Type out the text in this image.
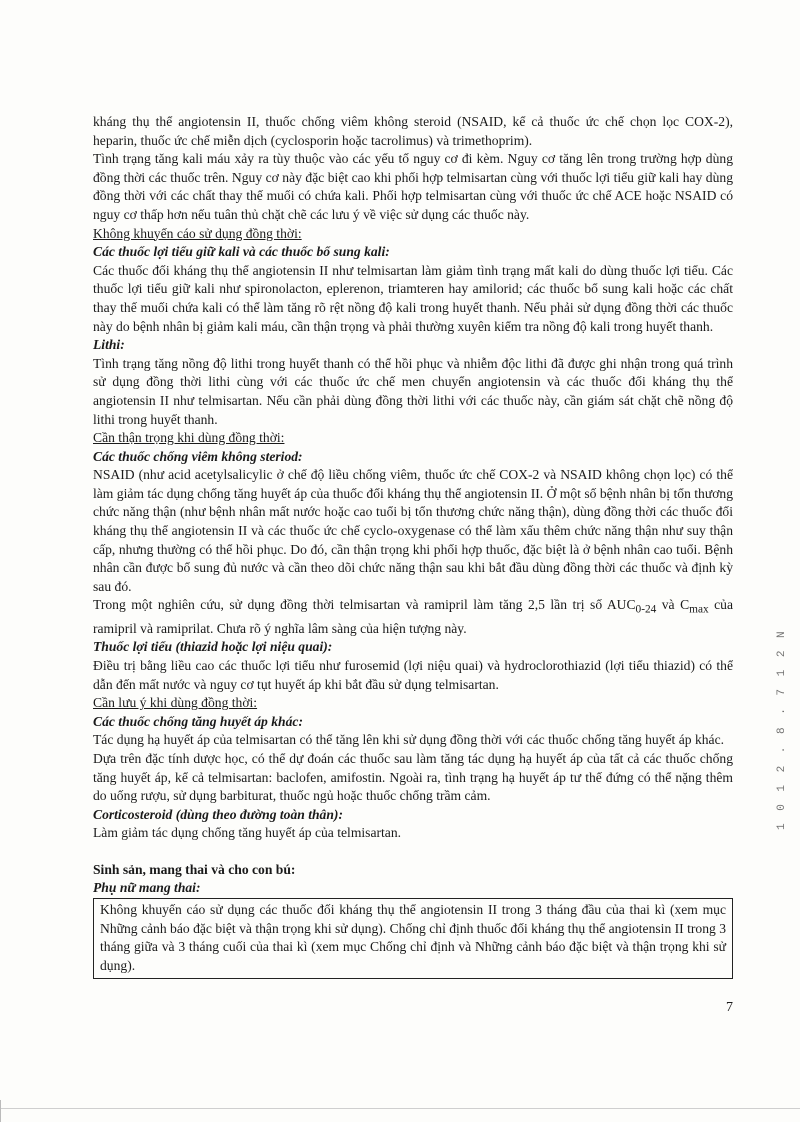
kháng thụ thể angiotensin II, thuốc chống viêm không steroid (NSAID, kể cả thuốc ức chế chọn lọc COX-2), heparin, thuốc ức chế miễn dịch (cyclosporin hoặc tacrolimus) và trimethoprim).

Tình trạng tăng kali máu xảy ra tùy thuộc vào các yếu tố nguy cơ đi kèm. Nguy cơ tăng lên trong trường hợp dùng đồng thời các thuốc trên. Nguy cơ này đặc biệt cao khi phối hợp telmisartan cùng với thuốc lợi tiểu giữ kali hay dùng đồng thời với các chất thay thế muối có chứa kali. Phối hợp telmisartan cùng với thuốc ức chế ACE hoặc NSAID có nguy cơ thấp hơn nếu tuân thủ chặt chẽ các lưu ý về việc sử dụng các thuốc này.

Không khuyến cáo sử dụng đồng thời:
Các thuốc lợi tiểu giữ kali và các thuốc bổ sung kali:

Các thuốc đối kháng thụ thể angiotensin II như telmisartan làm giảm tình trạng mất kali do dùng thuốc lợi tiểu. Các thuốc lợi tiểu giữ kali như spironolacton, eplerenon, triamteren hay amilorid; các thuốc bổ sung kali hoặc các chất thay thế muối chứa kali có thể làm tăng rõ rệt nồng độ kali trong huyết thanh. Nếu phải sử dụng đồng thời các thuốc này do bệnh nhân bị giảm kali máu, cần thận trọng và phải thường xuyên kiểm tra nồng độ kali trong huyết thanh.

Lithi:

Tình trạng tăng nồng độ lithi trong huyết thanh có thể hồi phục và nhiễm độc lithi đã được ghi nhận trong quá trình sử dụng đồng thời lithi cùng với các thuốc ức chế men chuyển angiotensin và các thuốc đối kháng thụ thể angiotensin II như telmisartan. Nếu cần phải dùng đồng thời lithi với các thuốc này, cần giám sát chặt chẽ nồng độ lithi trong huyết thanh.

Cần thận trọng khi dùng đồng thời:
Các thuốc chống viêm không steriod:

NSAID (như acid acetylsalicylic ở chế độ liều chống viêm, thuốc ức chế COX-2 và NSAID không chọn lọc) có thể làm giảm tác dụng chống tăng huyết áp của thuốc đối kháng thụ thể angiotensin II. Ở một số bệnh nhân bị tổn thương chức năng thận (như bệnh nhân mất nước hoặc cao tuổi bị tổn thương chức năng thận), dùng đồng thời các thuốc đối kháng thụ thể angiotensin II và các thuốc ức chế cyclo-oxygenase có thể làm xấu thêm chức năng thận như suy thận cấp, nhưng thường có thể hồi phục. Do đó, cần thận trọng khi phối hợp thuốc, đặc biệt là ở bệnh nhân cao tuổi. Bệnh nhân cần được bổ sung đủ nước và cần theo dõi chức năng thận sau khi bắt đầu dùng đồng thời các thuốc và định kỳ sau đó.

Trong một nghiên cứu, sử dụng đồng thời telmisartan và ramipril làm tăng 2,5 lần trị số $AUC_{0-24}$ và $C_{max}$ của ramipril và ramiprilat. Chưa rõ ý nghĩa lâm sàng của hiện tượng này.

Thuốc lợi tiểu (thiazid hoặc lợi niệu quai):

Điều trị bằng liều cao các thuốc lợi tiểu như furosemid (lợi niệu quai) và hydroclorothiazid (lợi tiểu thiazid) có thể dẫn đến mất nước và nguy cơ tụt huyết áp khi bắt đầu sử dụng telmisartan.

Cần lưu ý khi dùng đồng thời:
Các thuốc chống tăng huyết áp khác:

Tác dụng hạ huyết áp của telmisartan có thể tăng lên khi sử dụng đồng thời với các thuốc chống tăng huyết áp khác.

Dựa trên đặc tính dược học, có thể dự đoán các thuốc sau làm tăng tác dụng hạ huyết áp của tất cả các thuốc chống tăng huyết áp, kể cả telmisartan: baclofen, amifostin. Ngoài ra, tình trạng hạ huyết áp tư thế đứng có thể nặng thêm do uống rượu, sử dụng barbiturat, thuốc ngủ hoặc thuốc chống trầm cảm.

Corticosteroid (dùng theo đường toàn thân):

Làm giảm tác dụng chống tăng huyết áp của telmisartan.

Sinh sản, mang thai và cho con bú:
Phụ nữ mang thai:

Không khuyến cáo sử dụng các thuốc đối kháng thụ thể angiotensin II trong 3 tháng đầu của thai kì (xem mục Những cảnh báo đặc biệt và thận trọng khi sử dụng). Chống chỉ định thuốc đối kháng thụ thể angiotensin II trong 3 tháng giữa và 3 tháng cuối của thai kì (xem mục Chống chỉ định và Những cảnh báo đặc biệt và thận trọng khi sử dụng).

7
1 0 1 2 . 8 . 7 1 2 N
